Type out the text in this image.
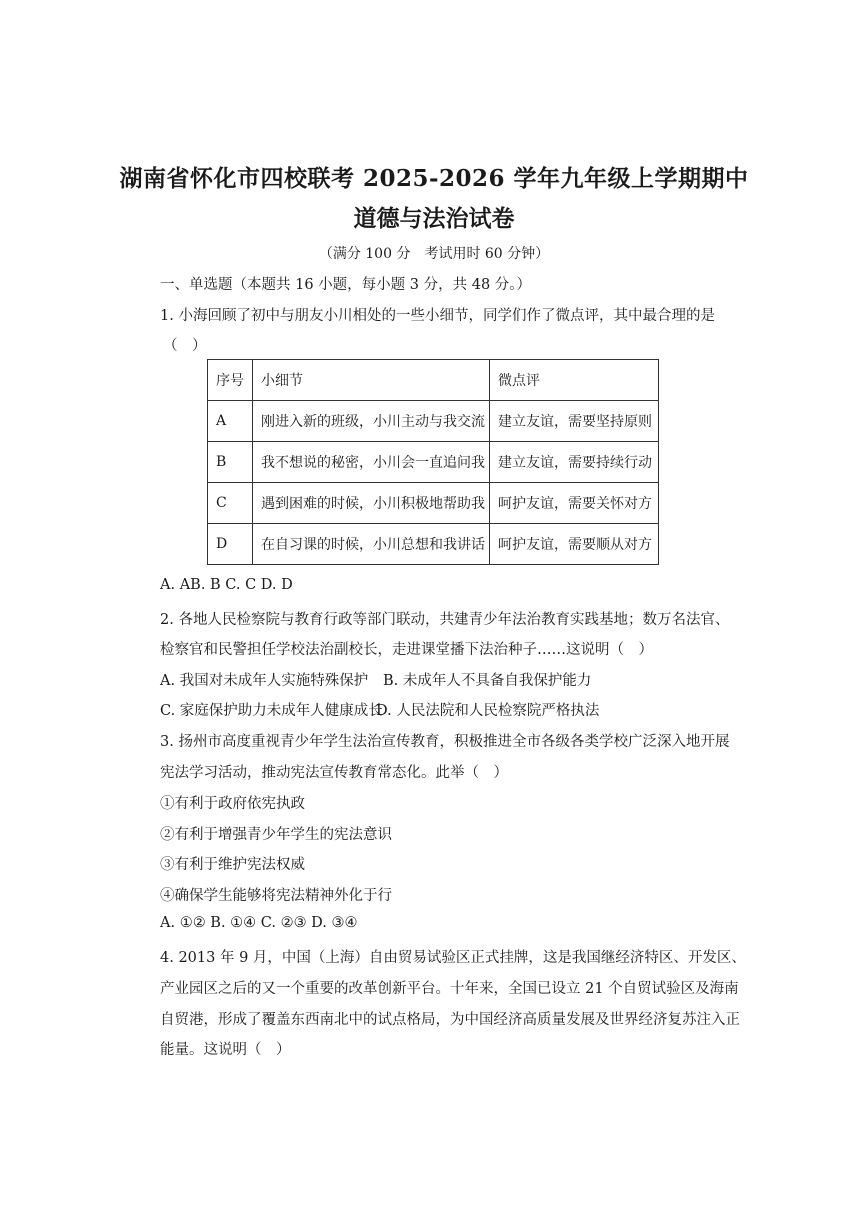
湖南省怀化市四校联考 2025-2026 学年九年级上学期期中
道德与法治试卷
（满分 100 分　考试用时 60 分钟）
一、单选题（本题共 16 小题，每小题 3 分，共 48 分。）
1. 小海回顾了初中与朋友小川相处的一些小细节，同学们作了微点评，其中最合理的是
（　）
序号	小细节	微点评
A	刚进入新的班级，小川主动与我交流	建立友谊，需要坚持原则
B	我不想说的秘密，小川会一直追问我	建立友谊，需要持续行动
C	遇到困难的时候，小川积极地帮助我	呵护友谊，需要关怀对方
D	在自习课的时候，小川总想和我讲话	呵护友谊，需要顺从对方
A. AB. B C. C D. D
2. 各地人民检察院与教育行政等部门联动，共建青少年法治教育实践基地；数万名法官、
检察官和民警担任学校法治副校长，走进课堂播下法治种子……这说明（　）
A. 我国对未成年人实施特殊保护 B. 未成年人不具备自我保护能力
C. 家庭保护助力未成年人健康成长
D. 人民法院和人民检察院严格执法
3. 扬州市高度重视青少年学生法治宣传教育，积极推进全市各级各类学校广泛深入地开展
宪法学习活动，推动宪法宣传教育常态化。此举（　）
①有利于政府依宪执政
②有利于增强青少年学生的宪法意识
③有利于维护宪法权威
④确保学生能够将宪法精神外化于行
A. ①② B. ①④ C. ②③ D. ③④
4. 2013 年 9 月，中国（上海）自由贸易试验区正式挂牌，这是我国继经济特区、开发区、
产业园区之后的又一个重要的改革创新平台。十年来，全国已设立 21 个自贸试验区及海南
自贸港，形成了覆盖东西南北中的试点格局，为中国经济高质量发展及世界经济复苏注入正
能量。这说明（　）
